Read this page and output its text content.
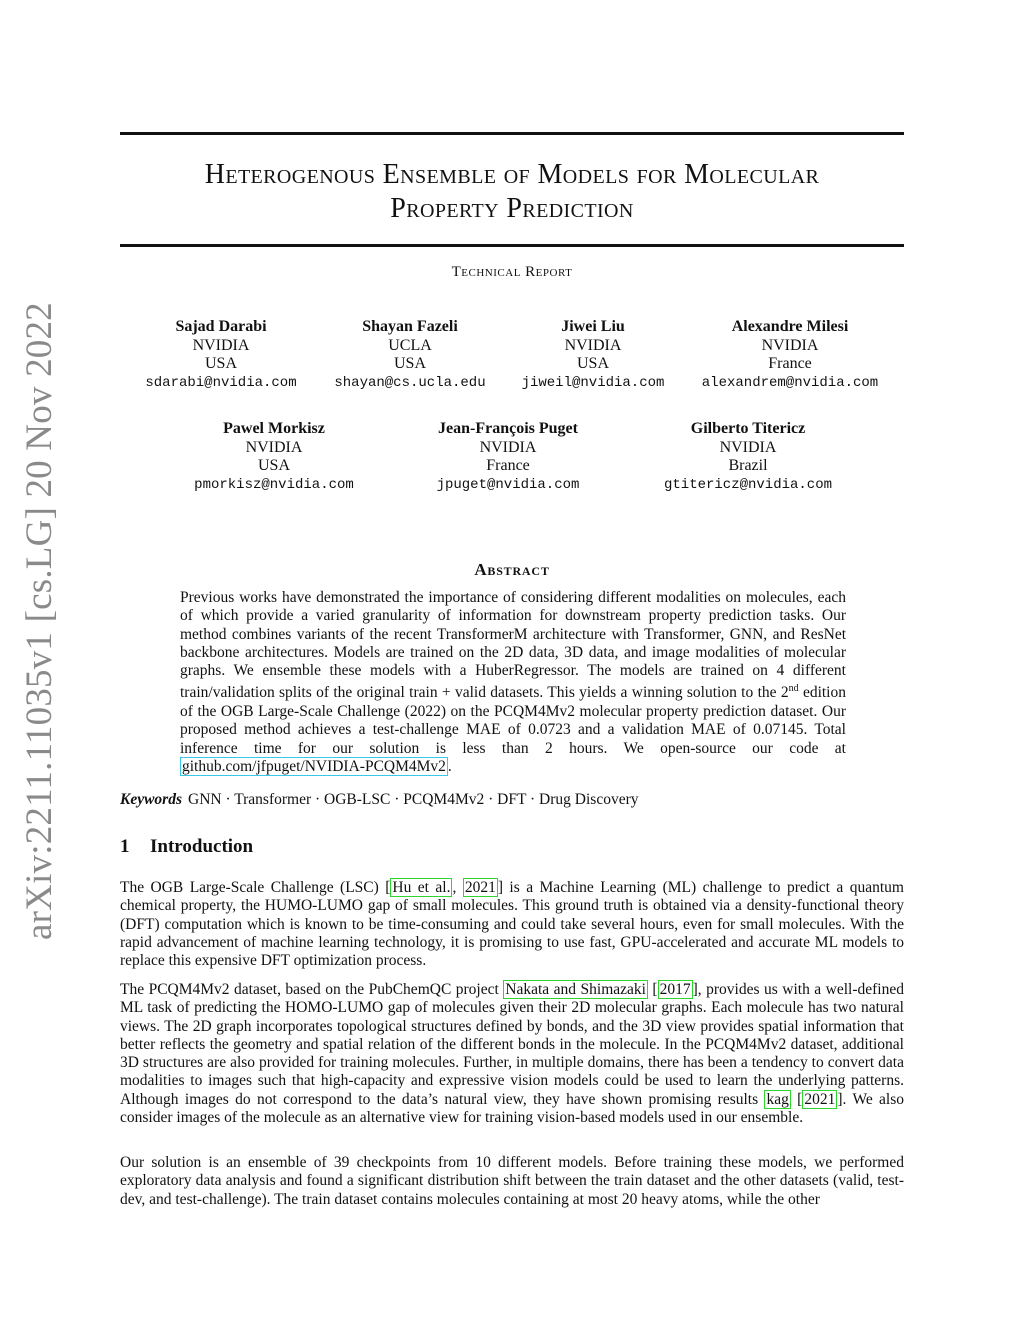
arXiv:2211.11035v1 [cs.LG] 20 Nov 2022
Heterogenous Ensemble of Models for Molecular
Property Prediction
Technical Report
Sajad Darabi
NVIDIA
USA
sdarabi@nvidia.com
Shayan Fazeli
UCLA
USA
shayan@cs.ucla.edu
Jiwei Liu
NVIDIA
USA
jiweil@nvidia.com
Alexandre Milesi
NVIDIA
France
alexandrem@nvidia.com
Pawel Morkisz
NVIDIA
USA
pmorkisz@nvidia.com
Jean-François Puget
NVIDIA
France
jpuget@nvidia.com
Gilberto Titericz
NVIDIA
Brazil
gtitericz@nvidia.com
Abstract
Previous works have demonstrated the importance of considering different modalities on molecules, each of which provide a varied granularity of information for downstream property prediction tasks. Our method combines variants of the recent TransformerM architecture with Transformer, GNN, and ResNet backbone architectures. Models are trained on the 2D data, 3D data, and image modalities of molecular graphs. We ensemble these models with a HuberRegressor. The models are trained on 4 different train/validation splits of the original train + valid datasets. This yields a winning solution to the 2nd edition of the OGB Large-Scale Challenge (2022) on the PCQM4Mv2 molecular property prediction dataset. Our proposed method achieves a test-challenge MAE of 0.0723 and a validation MAE of 0.07145. Total inference time for our solution is less than 2 hours. We open-source our code at github.com/jfpuget/NVIDIA-PCQM4Mv2 .
Keywords GNN · Transformer · OGB-LSC · PCQM4Mv2 · DFT · Drug Discovery
1 Introduction
The OGB Large-Scale Challenge (LSC) [ Hu et al. , 2021 ] is a Machine Learning (ML) challenge to predict a quantum chemical property, the HUMO-LUMO gap of small molecules. This ground truth is obtained via a density-functional theory (DFT) computation which is known to be time-consuming and could take several hours, even for small molecules. With the rapid advancement of machine learning technology, it is promising to use fast, GPU-accelerated and accurate ML models to replace this expensive DFT optimization process.
The PCQM4Mv2 dataset, based on the PubChemQC project Nakata and Shimazaki [ 2017 ], provides us with a well-defined ML task of predicting the HOMO-LUMO gap of molecules given their 2D molecular graphs. Each molecule has two natural views. The 2D graph incorporates topological structures defined by bonds, and the 3D view provides spatial information that better reflects the geometry and spatial relation of the different bonds in the molecule. In the PCQM4Mv2 dataset, additional 3D structures are also provided for training molecules. Further, in multiple domains, there has been a tendency to convert data modalities to images such that high-capacity and expressive vision models could be used to learn the underlying patterns. Although images do not correspond to the data’s natural view, they have shown promising results kag [ 2021 ]. We also consider images of the molecule as an alternative view for training vision-based models used in our ensemble.
Our solution is an ensemble of 39 checkpoints from 10 different models. Before training these models, we performed exploratory data analysis and found a significant distribution shift between the train dataset and the other datasets (valid, test-dev, and test-challenge). The train dataset contains molecules containing at most 20 heavy atoms, while the other
